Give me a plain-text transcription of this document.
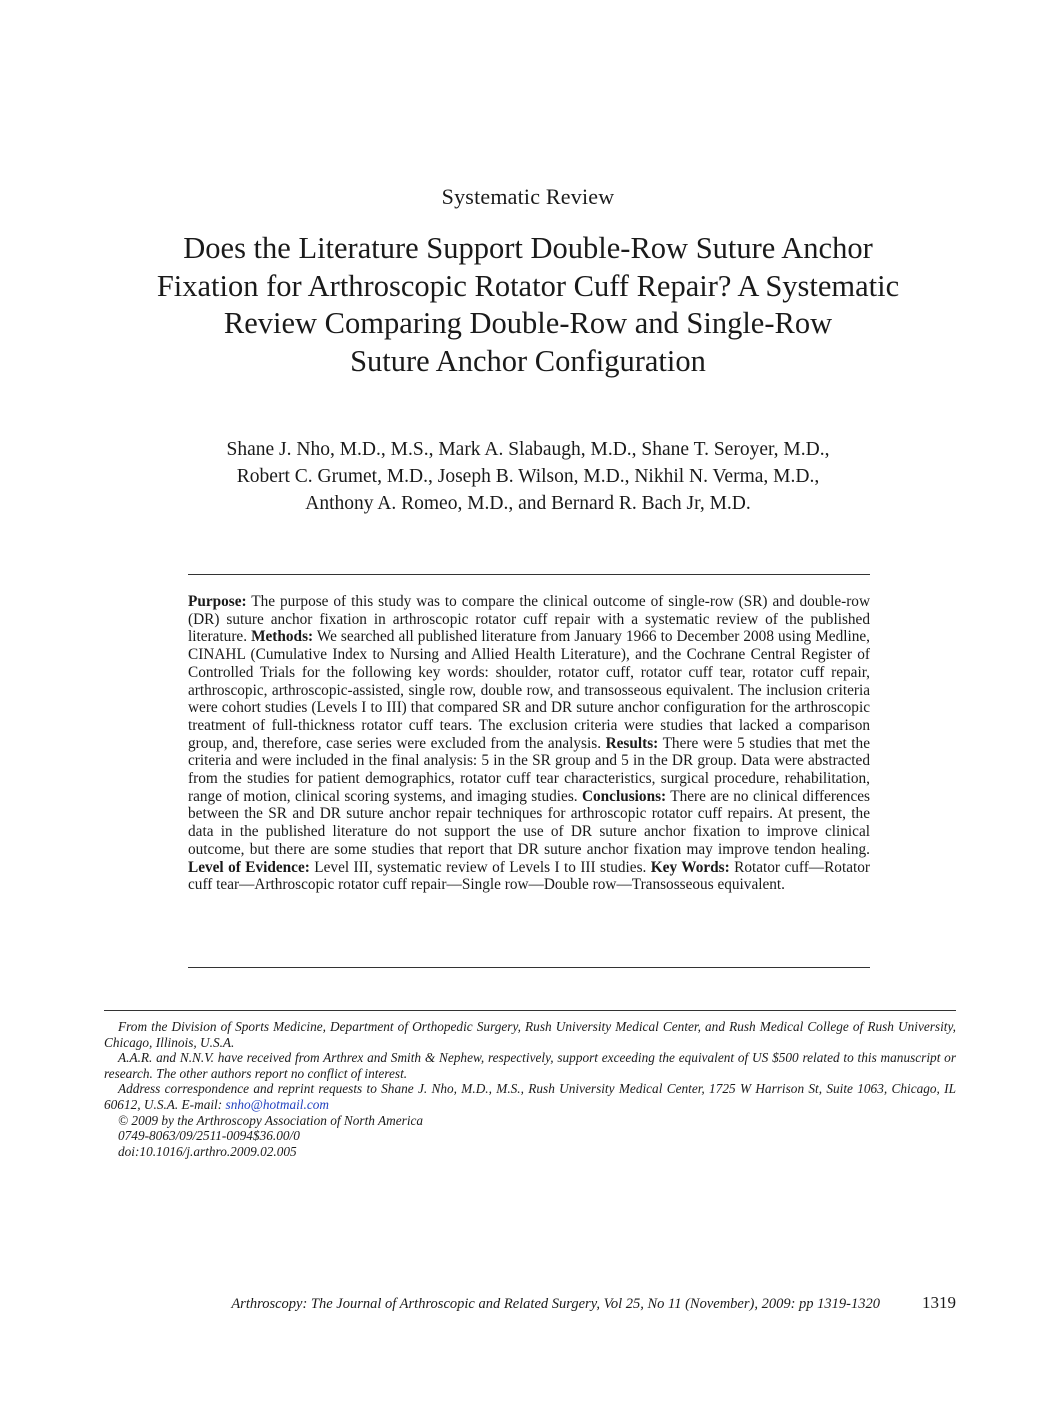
Systematic Review
Does the Literature Support Double-Row Suture Anchor
Fixation for Arthroscopic Rotator Cuff Repair? A Systematic
Review Comparing Double-Row and Single-Row
Suture Anchor Configuration
Shane J. Nho, M.D., M.S., Mark A. Slabaugh, M.D., Shane T. Seroyer, M.D.,
Robert C. Grumet, M.D., Joseph B. Wilson, M.D., Nikhil N. Verma, M.D.,
Anthony A. Romeo, M.D., and Bernard R. Bach Jr, M.D.
Purpose: The purpose of this study was to compare the clinical outcome of single-row (SR) and double-row (DR) suture anchor fixation in arthroscopic rotator cuff repair with a systematic review of the published literature. Methods: We searched all published literature from January 1966 to December 2008 using Medline, CINAHL (Cumulative Index to Nursing and Allied Health Literature), and the Cochrane Central Register of Controlled Trials for the following key words: shoulder, rotator cuff, rotator cuff tear, rotator cuff repair, arthroscopic, arthroscopic-assisted, single row, double row, and transosseous equivalent. The inclusion criteria were cohort studies (Levels I to III) that compared SR and DR suture anchor configuration for the arthroscopic treatment of full-thickness rotator cuff tears. The exclusion criteria were studies that lacked a comparison group, and, therefore, case series were excluded from the analysis. Results: There were 5 studies that met the criteria and were included in the final analysis: 5 in the SR group and 5 in the DR group. Data were abstracted from the studies for patient demographics, rotator cuff tear characteristics, surgical procedure, rehabilitation, range of motion, clinical scoring systems, and imaging studies. Conclusions: There are no clinical differences between the SR and DR suture anchor repair techniques for arthroscopic rotator cuff repairs. At present, the data in the published literature do not support the use of DR suture anchor fixation to improve clinical outcome, but there are some studies that report that DR suture anchor fixation may improve tendon healing. Level of Evidence: Level III, systematic review of Levels I to III studies. Key Words: Rotator cuff—Rotator cuff tear—Arthroscopic rotator cuff repair—Single row—Double row—Transosseous equivalent.

From the Division of Sports Medicine, Department of Orthopedic Surgery, Rush University Medical Center, and Rush Medical College of Rush University, Chicago, Illinois, U.S.A.

A.A.R. and N.N.V. have received from Arthrex and Smith & Nephew, respectively, support exceeding the equivalent of US $500 related to this manuscript or research. The other authors report no conflict of interest.

Address correspondence and reprint requests to Shane J. Nho, M.D., M.S., Rush University Medical Center, 1725 W Harrison St, Suite 1063, Chicago, IL 60612, U.S.A. E-mail: snho@hotmail.com

© 2009 by the Arthroscopy Association of North America

0749-8063/09/2511-0094$36.00/0

doi:10.1016/j.arthro.2009.02.005

Arthroscopy: The Journal of Arthroscopic and Related Surgery, Vol 25, No 11 (November), 2009: pp 1319-1320	1319
